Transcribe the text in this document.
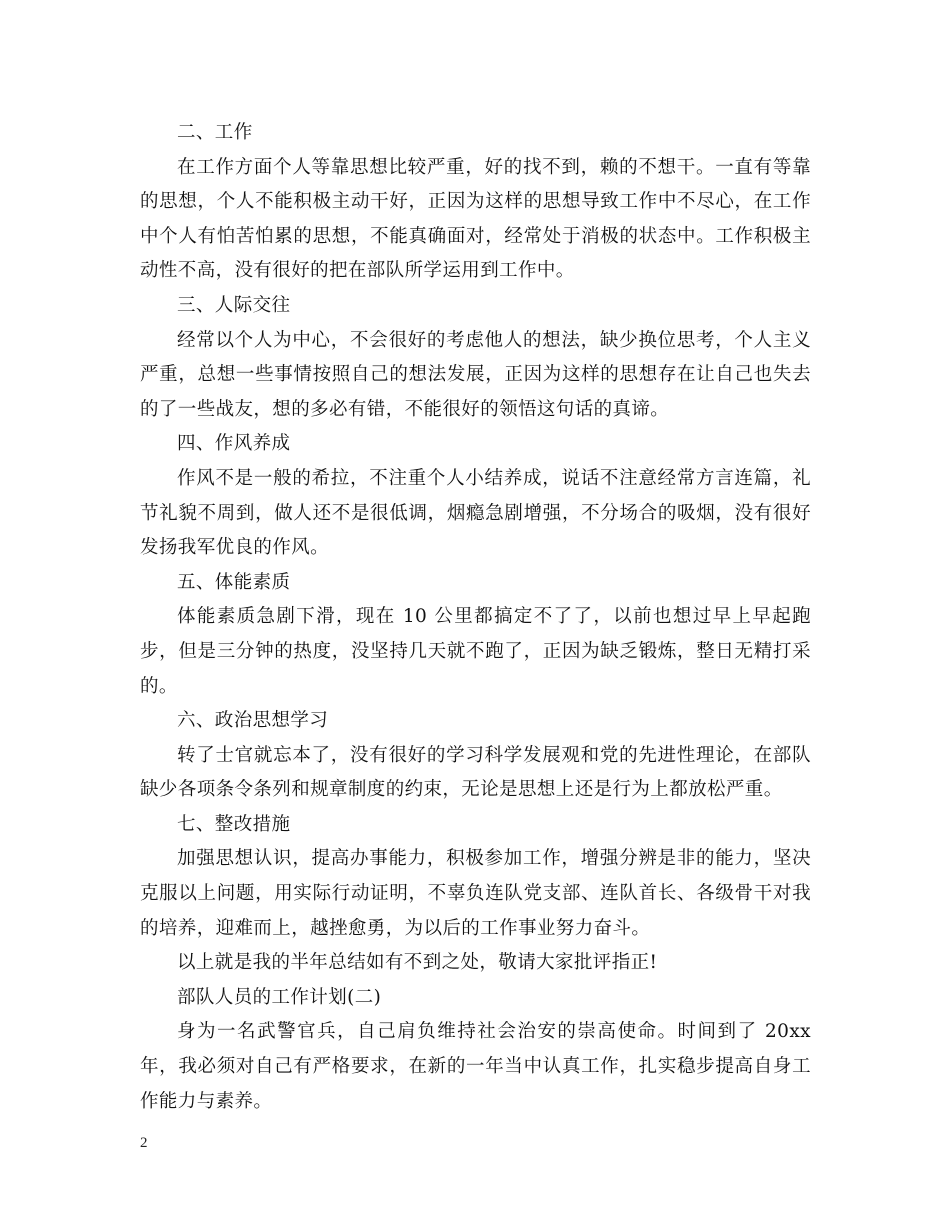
二、工作

在工作方面个人等靠思想比较严重，好的找不到，赖的不想干。一直有等靠的思想，个人不能积极主动干好，正因为这样的思想导致工作中不尽心，在工作中个人有怕苦怕累的思想，不能真确面对，经常处于消极的状态中。工作积极主动性不高，没有很好的把在部队所学运用到工作中。

三、人际交往

经常以个人为中心，不会很好的考虑他人的想法，缺少换位思考，个人主义严重，总想一些事情按照自己的想法发展，正因为这样的思想存在让自己也失去的了一些战友，想的多必有错，不能很好的领悟这句话的真谛。

四、作风养成

作风不是一般的希拉，不注重个人小结养成，说话不注意经常方言连篇，礼节礼貌不周到，做人还不是很低调，烟瘾急剧增强，不分场合的吸烟，没有很好发扬我军优良的作风。

五、体能素质

体能素质急剧下滑，现在 10 公里都搞定不了了，以前也想过早上早起跑步，但是三分钟的热度，没坚持几天就不跑了，正因为缺乏锻炼，整日无精打采的。

六、政治思想学习

转了士官就忘本了，没有很好的学习科学发展观和党的先进性理论，在部队缺少各项条令条列和规章制度的约束，无论是思想上还是行为上都放松严重。

七、整改措施

加强思想认识，提高办事能力，积极参加工作，增强分辨是非的能力，坚决克服以上问题，用实际行动证明，不辜负连队党支部、连队首长、各级骨干对我的培养，迎难而上，越挫愈勇，为以后的工作事业努力奋斗。

以上就是我的半年总结如有不到之处，敬请大家批评指正!

部队人员的工作计划(二)

身为一名武警官兵，自己肩负维持社会治安的崇高使命。时间到了 20xx 年，我必须对自己有严格要求，在新的一年当中认真工作，扎实稳步提高自身工作能力与素养。

2
